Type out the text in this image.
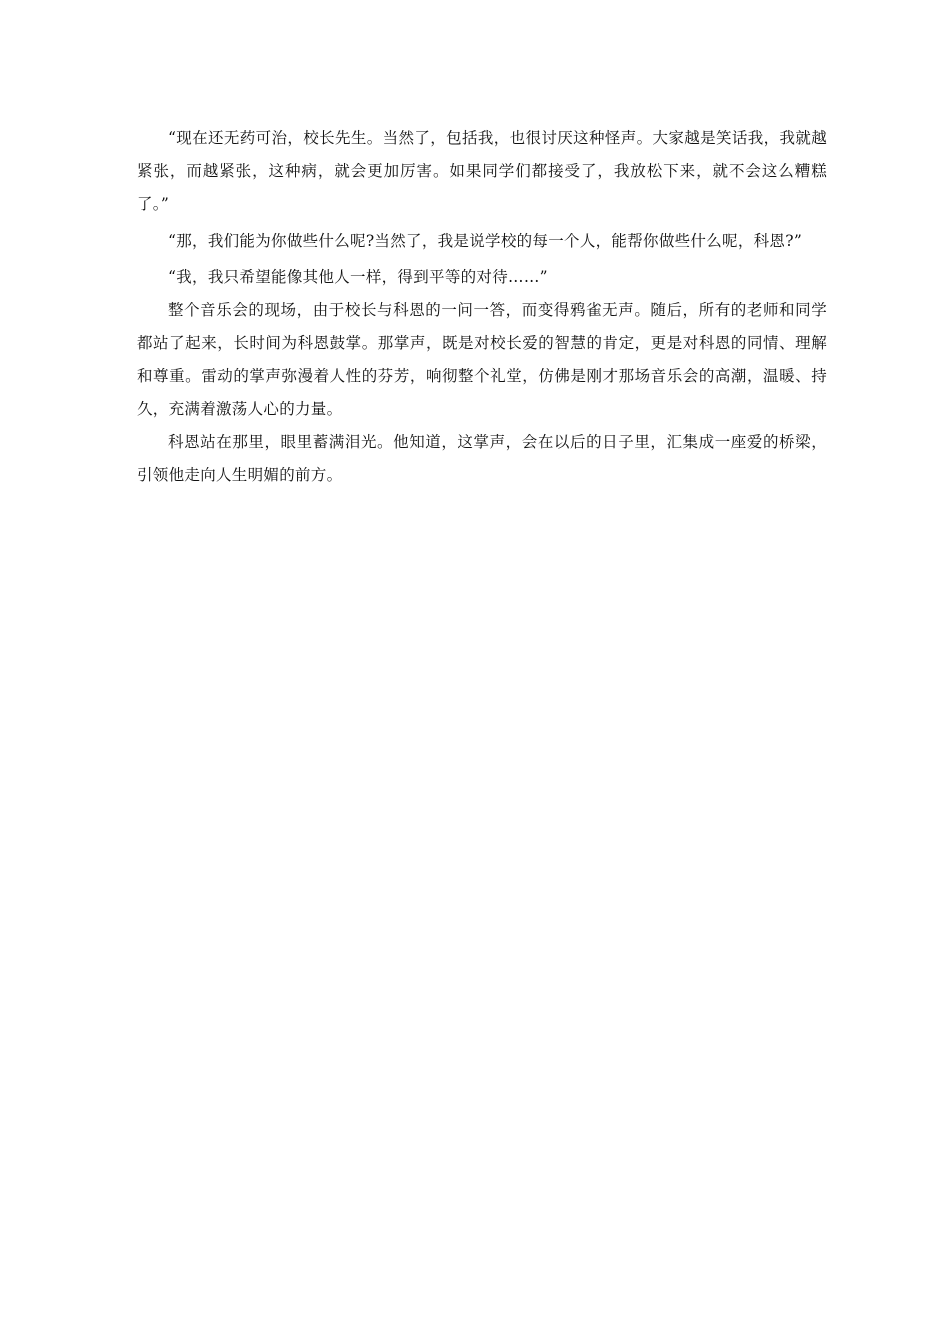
“现在还无药可治，校长先生。当然了，包括我，也很讨厌这种怪声。大家越是笑话我，我就越紧张，而越紧张，这种病，就会更加厉害。如果同学们都接受了，我放松下来，就不会这么糟糕了。”

“那，我们能为你做些什么呢?当然了，我是说学校的每一个人，能帮你做些什么呢，科恩?”

“我，我只希望能像其他人一样，得到平等的对待……”

整个音乐会的现场，由于校长与科恩的一问一答，而变得鸦雀无声。随后，所有的老师和同学都站了起来，长时间为科恩鼓掌。那掌声，既是对校长爱的智慧的肯定，更是对科恩的同情、理解和尊重。雷动的掌声弥漫着人性的芬芳，响彻整个礼堂，仿佛是刚才那场音乐会的高潮，温暖、持久，充满着激荡人心的力量。

科恩站在那里，眼里蓄满泪光。他知道，这掌声，会在以后的日子里，汇集成一座爱的桥梁，引领他走向人生明媚的前方。
